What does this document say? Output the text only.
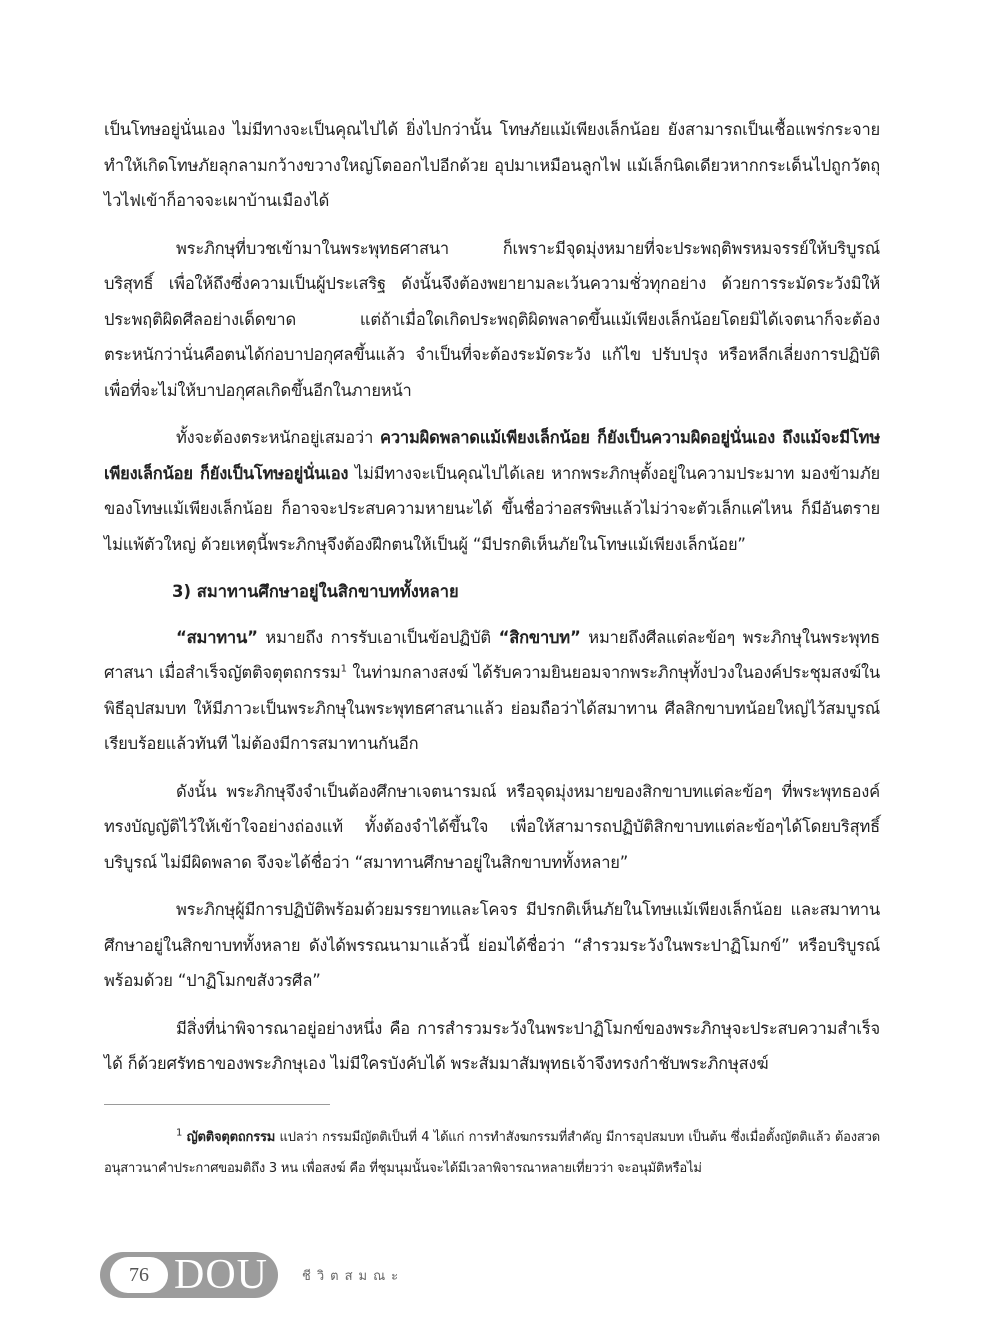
เป็นโทษอยู่นั่นเอง ไม่มีทางจะเป็นคุณไปได้ ยิ่งไปกว่านั้น โทษภัยแม้เพียงเล็กน้อย ยังสามารถเป็นเชื้อแพร่กระจาย ทำให้เกิดโทษภัยลุกลามกว้างขวางใหญ่โตออกไปอีกด้วย อุปมาเหมือนลูกไฟ แม้เล็กนิดเดียวหากกระเด็นไปถูกวัตถุไวไฟเข้าก็อาจจะเผาบ้านเมืองได้

พระภิกษุที่บวชเข้ามาในพระพุทธศาสนา ก็เพราะมีจุดมุ่งหมายที่จะประพฤติพรหมจรรย์ให้บริบูรณ์บริสุทธิ์ เพื่อให้ถึงซึ่งความเป็นผู้ประเสริฐ ดังนั้นจึงต้องพยายามละเว้นความชั่วทุกอย่าง ด้วยการระมัดระวังมิให้ประพฤติผิดศีลอย่างเด็ดขาด แต่ถ้าเมื่อใดเกิดประพฤติผิดพลาดขึ้นแม้เพียงเล็กน้อยโดยมิได้เจตนาก็จะต้องตระหนักว่านั่นคือตนได้ก่อบาปอกุศลขึ้นแล้ว จำเป็นที่จะต้องระมัดระวัง แก้ไข ปรับปรุง หรือหลีกเลี่ยงการปฏิบัติเพื่อที่จะไม่ให้บาปอกุศลเกิดขึ้นอีกในภายหน้า

ทั้งจะต้องตระหนักอยู่เสมอว่า ความผิดพลาดแม้เพียงเล็กน้อย ก็ยังเป็นความผิดอยู่นั่นเอง ถึงแม้จะมีโทษเพียงเล็กน้อย ก็ยังเป็นโทษอยู่นั่นเอง ไม่มีทางจะเป็นคุณไปได้เลย หากพระภิกษุตั้งอยู่ในความประมาท มองข้ามภัยของโทษแม้เพียงเล็กน้อย ก็อาจจะประสบความหายนะได้ ขึ้นชื่อว่าอสรพิษแล้วไม่ว่าจะตัวเล็กแค่ไหน ก็มีอันตรายไม่แพ้ตัวใหญ่ ด้วยเหตุนี้พระภิกษุจึงต้องฝึกตนให้เป็นผู้ “มีปรกติเห็นภัยในโทษแม้เพียงเล็กน้อย”

3) สมาทานศึกษาอยู่ในสิกขาบททั้งหลาย

“สมาทาน” หมายถึง การรับเอาเป็นข้อปฏิบัติ “สิกขาบท” หมายถึงศีลแต่ละข้อๆ พระภิกษุในพระพุทธศาสนา เมื่อสำเร็จญัตติจตุตถกรรม$^1$ ในท่ามกลางสงฆ์ ได้รับความยินยอมจากพระภิกษุทั้งปวงในองค์ประชุมสงฆ์ในพิธีอุปสมบท ให้มีภาวะเป็นพระภิกษุในพระพุทธศาสนาแล้ว ย่อมถือว่าได้สมาทาน ศีลสิกขาบทน้อยใหญ่ไว้สมบูรณ์เรียบร้อยแล้วทันที ไม่ต้องมีการสมาทานกันอีก

ดังนั้น พระภิกษุจึงจำเป็นต้องศึกษาเจตนารมณ์ หรือจุดมุ่งหมายของสิกขาบทแต่ละข้อๆ ที่พระพุทธองค์ทรงบัญญัติไว้ให้เข้าใจอย่างถ่องแท้ ทั้งต้องจำได้ขึ้นใจ เพื่อให้สามารถปฏิบัติสิกขาบทแต่ละข้อๆได้โดยบริสุทธิ์บริบูรณ์ ไม่มีผิดพลาด จึงจะได้ชื่อว่า “สมาทานศึกษาอยู่ในสิกขาบททั้งหลาย”

พระภิกษุผู้มีการปฏิบัติพร้อมด้วยมรรยาทและโคจร มีปรกติเห็นภัยในโทษแม้เพียงเล็กน้อย และสมาทานศึกษาอยู่ในสิกขาบททั้งหลาย ดังได้พรรณนามาแล้วนี้ ย่อมได้ชื่อว่า “สำรวมระวังในพระปาฏิโมกข์” หรือบริบูรณ์พร้อมด้วย “ปาฏิโมกขสังวรศีล”

มีสิ่งที่น่าพิจารณาอยู่อย่างหนึ่ง คือ การสำรวมระวังในพระปาฏิโมกข์ของพระภิกษุจะประสบความสำเร็จได้ ก็ด้วยศรัทธาของพระภิกษุเอง ไม่มีใครบังคับได้ พระสัมมาสัมพุทธเจ้าจึงทรงกำชับพระภิกษุสงฆ์

$^1$ ญัตติจตุตถกรรม แปลว่า กรรมมีญัตติเป็นที่ 4 ได้แก่ การทำสังฆกรรมที่สำคัญ มีการอุปสมบท เป็นต้น ซึ่งเมื่อตั้งญัตติแล้ว ต้องสวดอนุสาวนาคำประกาศขอมติถึง 3 หน เพื่อสงฆ์ คือ ที่ชุมนุมนั้นจะได้มีเวลาพิจารณาหลายเที่ยวว่า จะอนุมัติหรือไม่

76 DOU	ชีวิตสมณะ
